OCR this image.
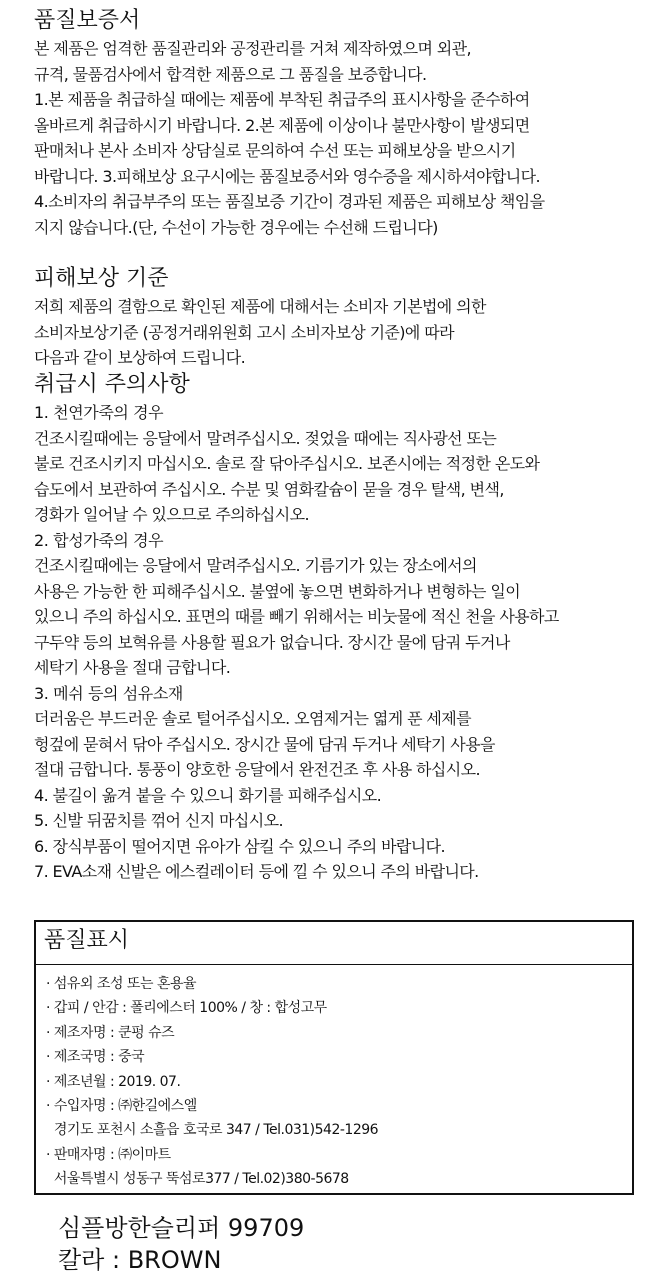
품질보증서

본 제품은 엄격한 품질관리와 공정관리를 거쳐 제작하였으며 외관,

규격, 물품검사에서 합격한 제품으로 그 품질을 보증합니다.

1.본 제품을 취급하실 때에는 제품에 부착된 취급주의 표시사항을 준수하여

올바르게 취급하시기 바랍니다. 2.본 제품에 이상이나 불만사항이 발생되면

판매처나 본사 소비자 상담실로 문의하여 수선 또는 피해보상을 받으시기

바랍니다. 3.피해보상 요구시에는 품질보증서와 영수증을 제시하셔야합니다.

4.소비자의 취급부주의 또는 품질보증 기간이 경과된 제품은 피해보상 책임을

지지 않습니다.(단, 수선이 가능한 경우에는 수선해 드립니다)

피해보상 기준

저희 제품의 결함으로 확인된 제품에 대해서는 소비자 기본법에 의한

소비자보상기준 (공정거래위원회 고시 소비자보상 기준)에 따라

다음과 같이 보상하여 드립니다.

취급시 주의사항

1. 천연가죽의 경우

건조시킬때에는 응달에서 말려주십시오. 젖었을 때에는 직사광선 또는

불로 건조시키지 마십시오. 솔로 잘 닦아주십시오. 보존시에는 적정한 온도와

습도에서 보관하여 주십시오. 수분 및 염화칼슘이 묻을 경우 탈색, 변색,

경화가 일어날 수 있으므로 주의하십시오.

2. 합성가죽의 경우

건조시킬때에는 응달에서 말려주십시오. 기름기가 있는 장소에서의

사용은 가능한 한 피해주십시오. 불옆에 놓으면 변화하거나 변형하는 일이

있으니 주의 하십시오. 표면의 때를 빼기 위해서는 비눗물에 적신 천을 사용하고

구두약 등의 보혁유를 사용할 필요가 없습니다. 장시간 물에 담궈 두거나

세탁기 사용을 절대 금합니다.

3. 메쉬 등의 섬유소재

더러움은 부드러운 솔로 털어주십시오. 오염제거는 엷게 푼 세제를

헝겊에 묻혀서 닦아 주십시오. 장시간 물에 담궈 두거나 세탁기 사용을

절대 금합니다. 통풍이 양호한 응달에서 완전건조 후 사용 하십시오.

4. 불길이 옮겨 붙을 수 있으니 화기를 피해주십시오.

5. 신발 뒤꿈치를 꺾어 신지 마십시오.

6. 장식부품이 떨어지면 유아가 삼킬 수 있으니 주의 바랍니다.

7. EVA소재 신발은 에스컬레이터 등에 낄 수 있으니 주의 바랍니다.

품질표시

· 섬유외 조성 또는 혼용율

· 갑피 / 안감 : 폴리에스터 100% / 창 : 합성고무

· 제조자명 : 쿤펑 슈즈

· 제조국명 : 중국

· 제조년월 : 2019. 07.

· 수입자명 : ㈜한길에스엘

경기도 포천시 소흘읍 호국로 347 / Tel.031)542-1296

· 판매자명 : ㈜이마트

서울특별시 성동구 뚝섬로377 / Tel.02)380-5678

심플방한슬리퍼 99709

칼라 : BROWN
